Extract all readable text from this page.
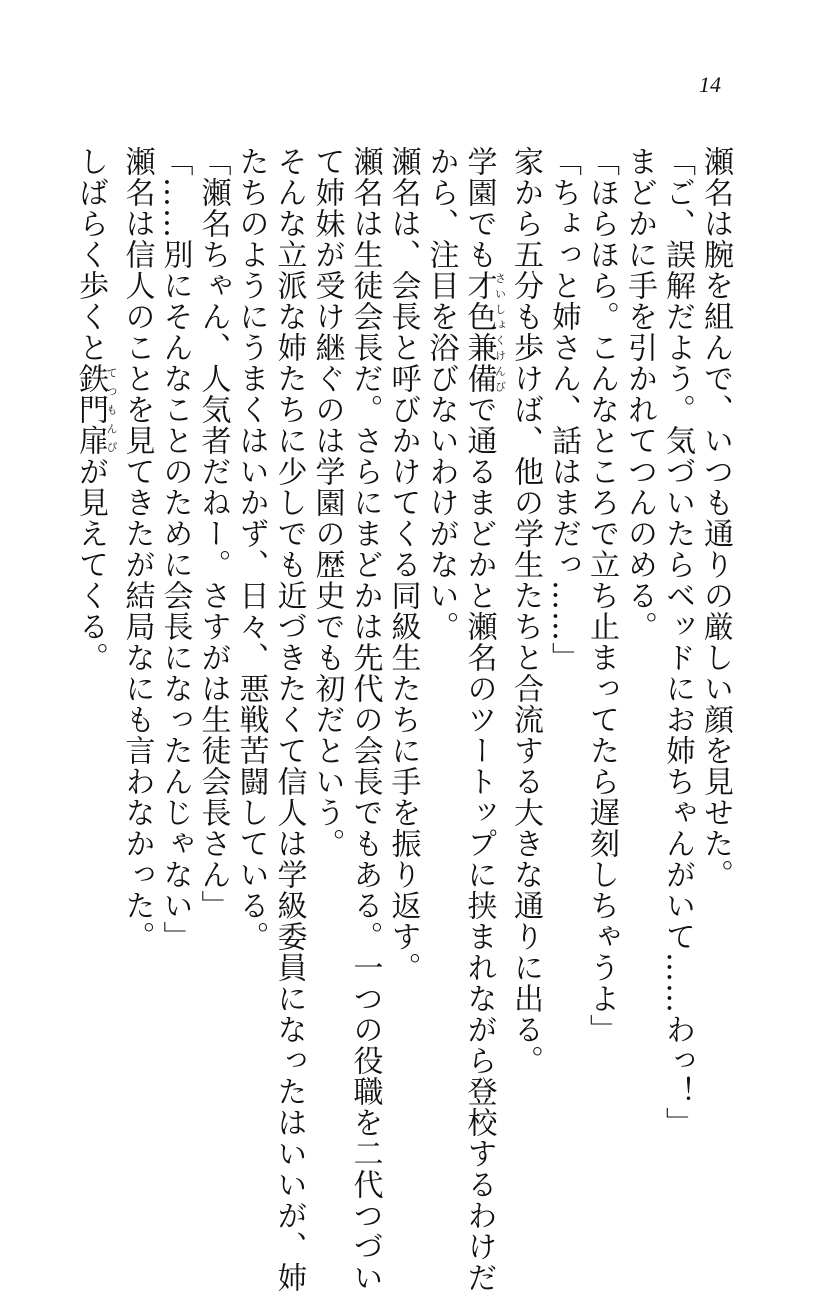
14
瀬名は腕を組んで、いつも通りの厳しい顔を見せた。
「ご、誤解だよう。気づいたらベッドにお姉ちゃんがいて……わっ！」
まどかに手を引かれてつんのめる。
「ほらほら。こんなところで立ち止まってたら遅刻しちゃうよ」
「ちょっと姉さん、話はまだっ……」
家から五分も歩けば、他の学生たちと合流する大きな通りに出る。
学園でも才色兼備さいしょくけんびで通るまどかと瀬名のツートップに挟まれながら登校するわけだ
から、注目を浴びないわけがない。
瀬名は、会長と呼びかけてくる同級生たちに手を振り返す。
瀬名は生徒会長だ。さらにまどかは先代の会長でもある。一つの役職を二代つづい
て姉妹が受け継ぐのは学園の歴史でも初だという。
そんな立派な姉たちに少しでも近づきたくて信人は学級委員になったはいいが、姉
たちのようにうまくはいかず、日々、悪戦苦闘している。
「瀬名ちゃん、人気者だねー。さすがは生徒会長さん」
「……別にそんなことのために会長になったんじゃない」
瀬名は信人のことを見てきたが結局なにも言わなかった。
しばらく歩くと鉄門扉てつもんぴが見えてくる。
